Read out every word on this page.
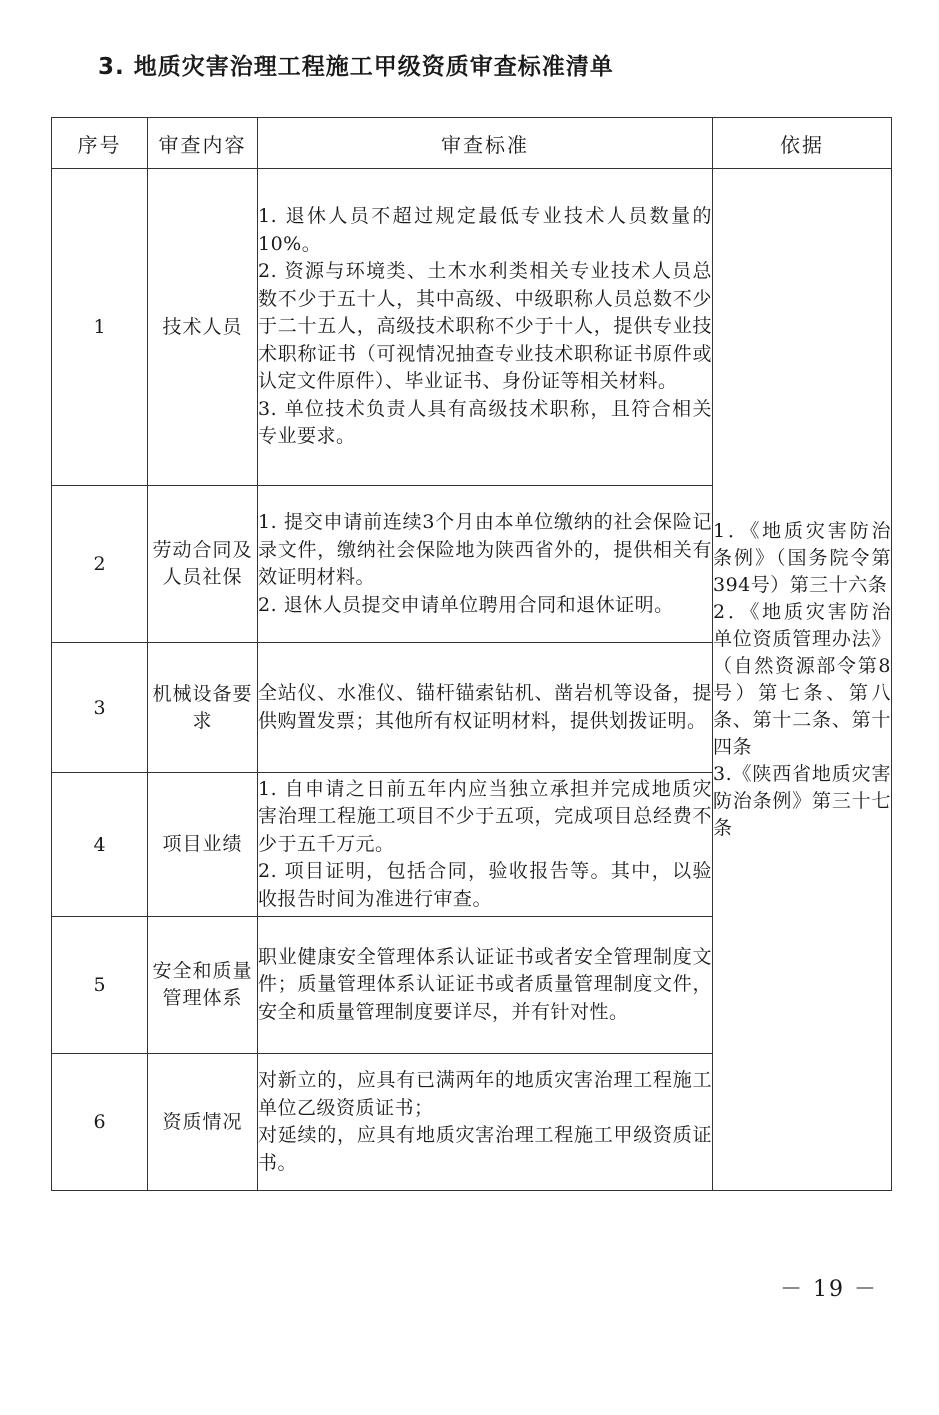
3. 地质灾害治理工程施工甲级资质审查标准清单
序号	审查内容	审查标准	依据
1	技术人员	1. 退休人员不超过规定最低专业技术人员数量的10%。
2. 资源与环境类、土木水利类相关专业技术人员总数不少于五十人，其中高级、中级职称人员总数不少于二十五人，高级技术职称不少于十人，提供专业技术职称证书（可视情况抽查专业技术职称证书原件或认定文件原件）、毕业证书、身份证等相关材料。
3. 单位技术负责人具有高级技术职称，且符合相关专业要求。	1．《地质灾害防治条例》（国务院令第394号）第三十六条
2．《地质灾害防治单位资质管理办法》（自然资源部令第8号）第七条、第八条、第十二条、第十四条
3.《陕西省地质灾害防治条例》第三十七条

2	劳动合同及人员社保	1. 提交申请前连续3个月由本单位缴纳的社会保险记录文件，缴纳社会保险地为陕西省外的，提供相关有效证明材料。
2. 退休人员提交申请单位聘用合同和退休证明。	

3	机械设备要求	全站仪、水准仪、锚杆锚索钻机、凿岩机等设备，提供购置发票；其他所有权证明材料，提供划拨证明。	

4	项目业绩	1. 自申请之日前五年内应当独立承担并完成地质灾害治理工程施工项目不少于五项，完成项目总经费不少于五千万元。
2. 项目证明，包括合同，验收报告等。其中，以验收报告时间为准进行审查。	

5	安全和质量管理体系	职业健康安全管理体系认证证书或者安全管理制度文件；质量管理体系认证证书或者质量管理制度文件，安全和质量管理制度要详尽，并有针对性。	

6	资质情况	对新立的，应具有已满两年的地质灾害治理工程施工单位乙级资质证书；
对延续的，应具有地质灾害治理工程施工甲级资质证书。	
－ 19 －
